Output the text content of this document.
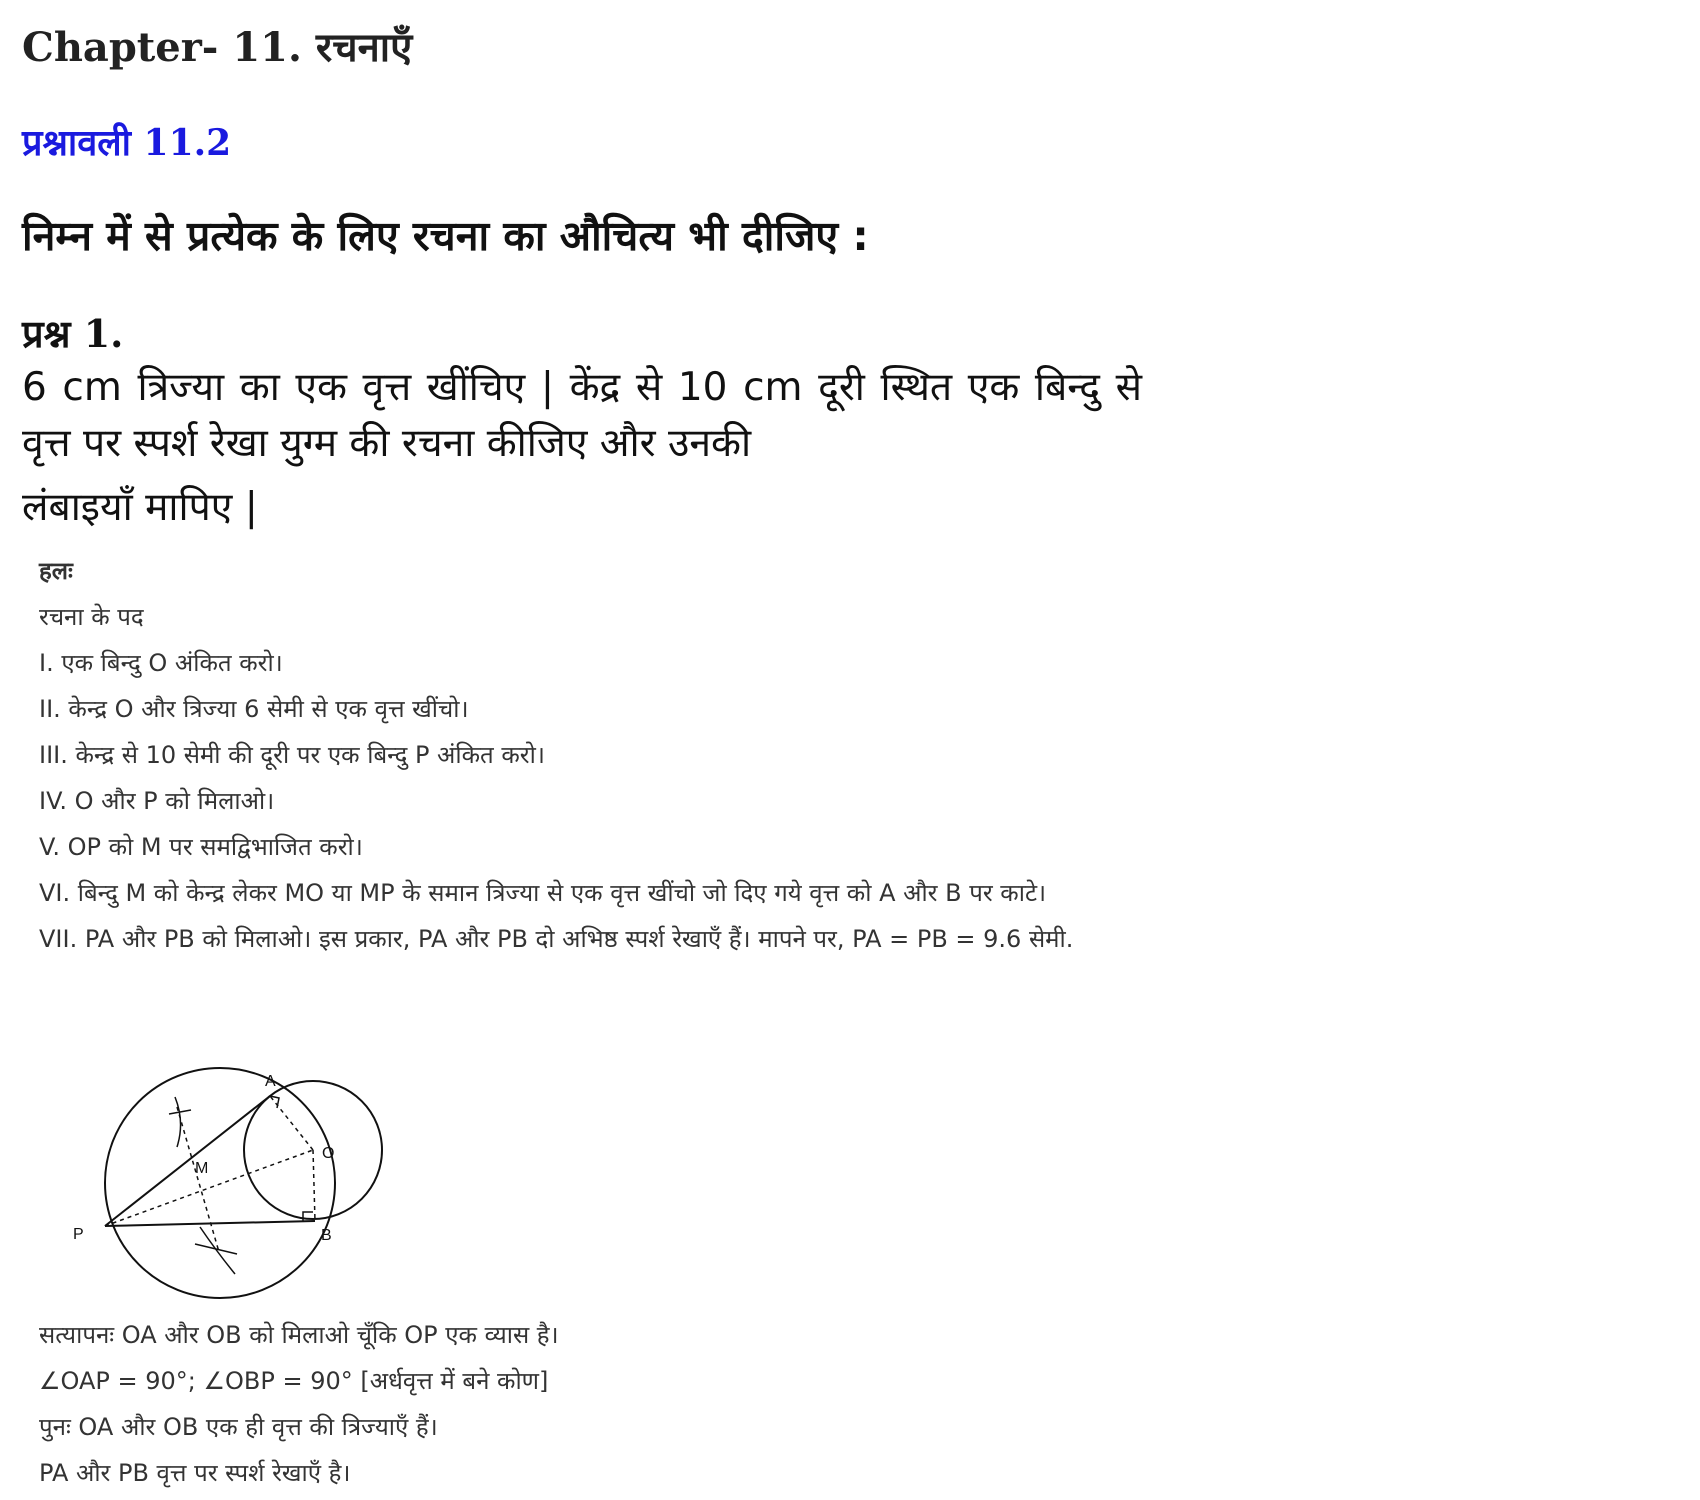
Chapter- 11. रचनाएँ
प्रश्नावली 11.2
निम्न में से प्रत्येक के लिए रचना का औचित्य भी दीजिए :
प्रश्न 1.
6 cm त्रिज्या का एक वृत्त खींचिए | केंद्र से 10 cm दूरी स्थित एक बिन्दु से वृत्त पर स्पर्श रेखा युग्म की रचना कीजिए और उनकी
लंबाइयाँ मापिए |
हलः
रचना के पद
I. एक बिन्दु O अंकित करो।
II. केन्द्र O और त्रिज्या 6 सेमी से एक वृत्त खींचो।
III. केन्द्र से 10 सेमी की दूरी पर एक बिन्दु P अंकित करो।
IV. O और P को मिलाओ।
V. OP को M पर समद्विभाजित करो।
VI. बिन्दु M को केन्द्र लेकर MO या MP के समान त्रिज्या से एक वृत्त खींचो जो दिए गये वृत्त को A और B पर काटे।
VII. PA और PB को मिलाओ। इस प्रकार, PA और PB दो अभिष्ठ स्पर्श रेखाएँ हैं। मापने पर, PA = PB = 9.6 सेमी.
A
O
M
P	B
सत्यापनः OA और OB को मिलाओ चूँकि OP एक व्यास है।
∠OAP = 90°; ∠OBP = 90° [अर्धवृत्त में बने कोण]
पुनः OA और OB एक ही वृत्त की त्रिज्याएँ हैं।
PA और PB वृत्त पर स्पर्श रेखाएँ है।
